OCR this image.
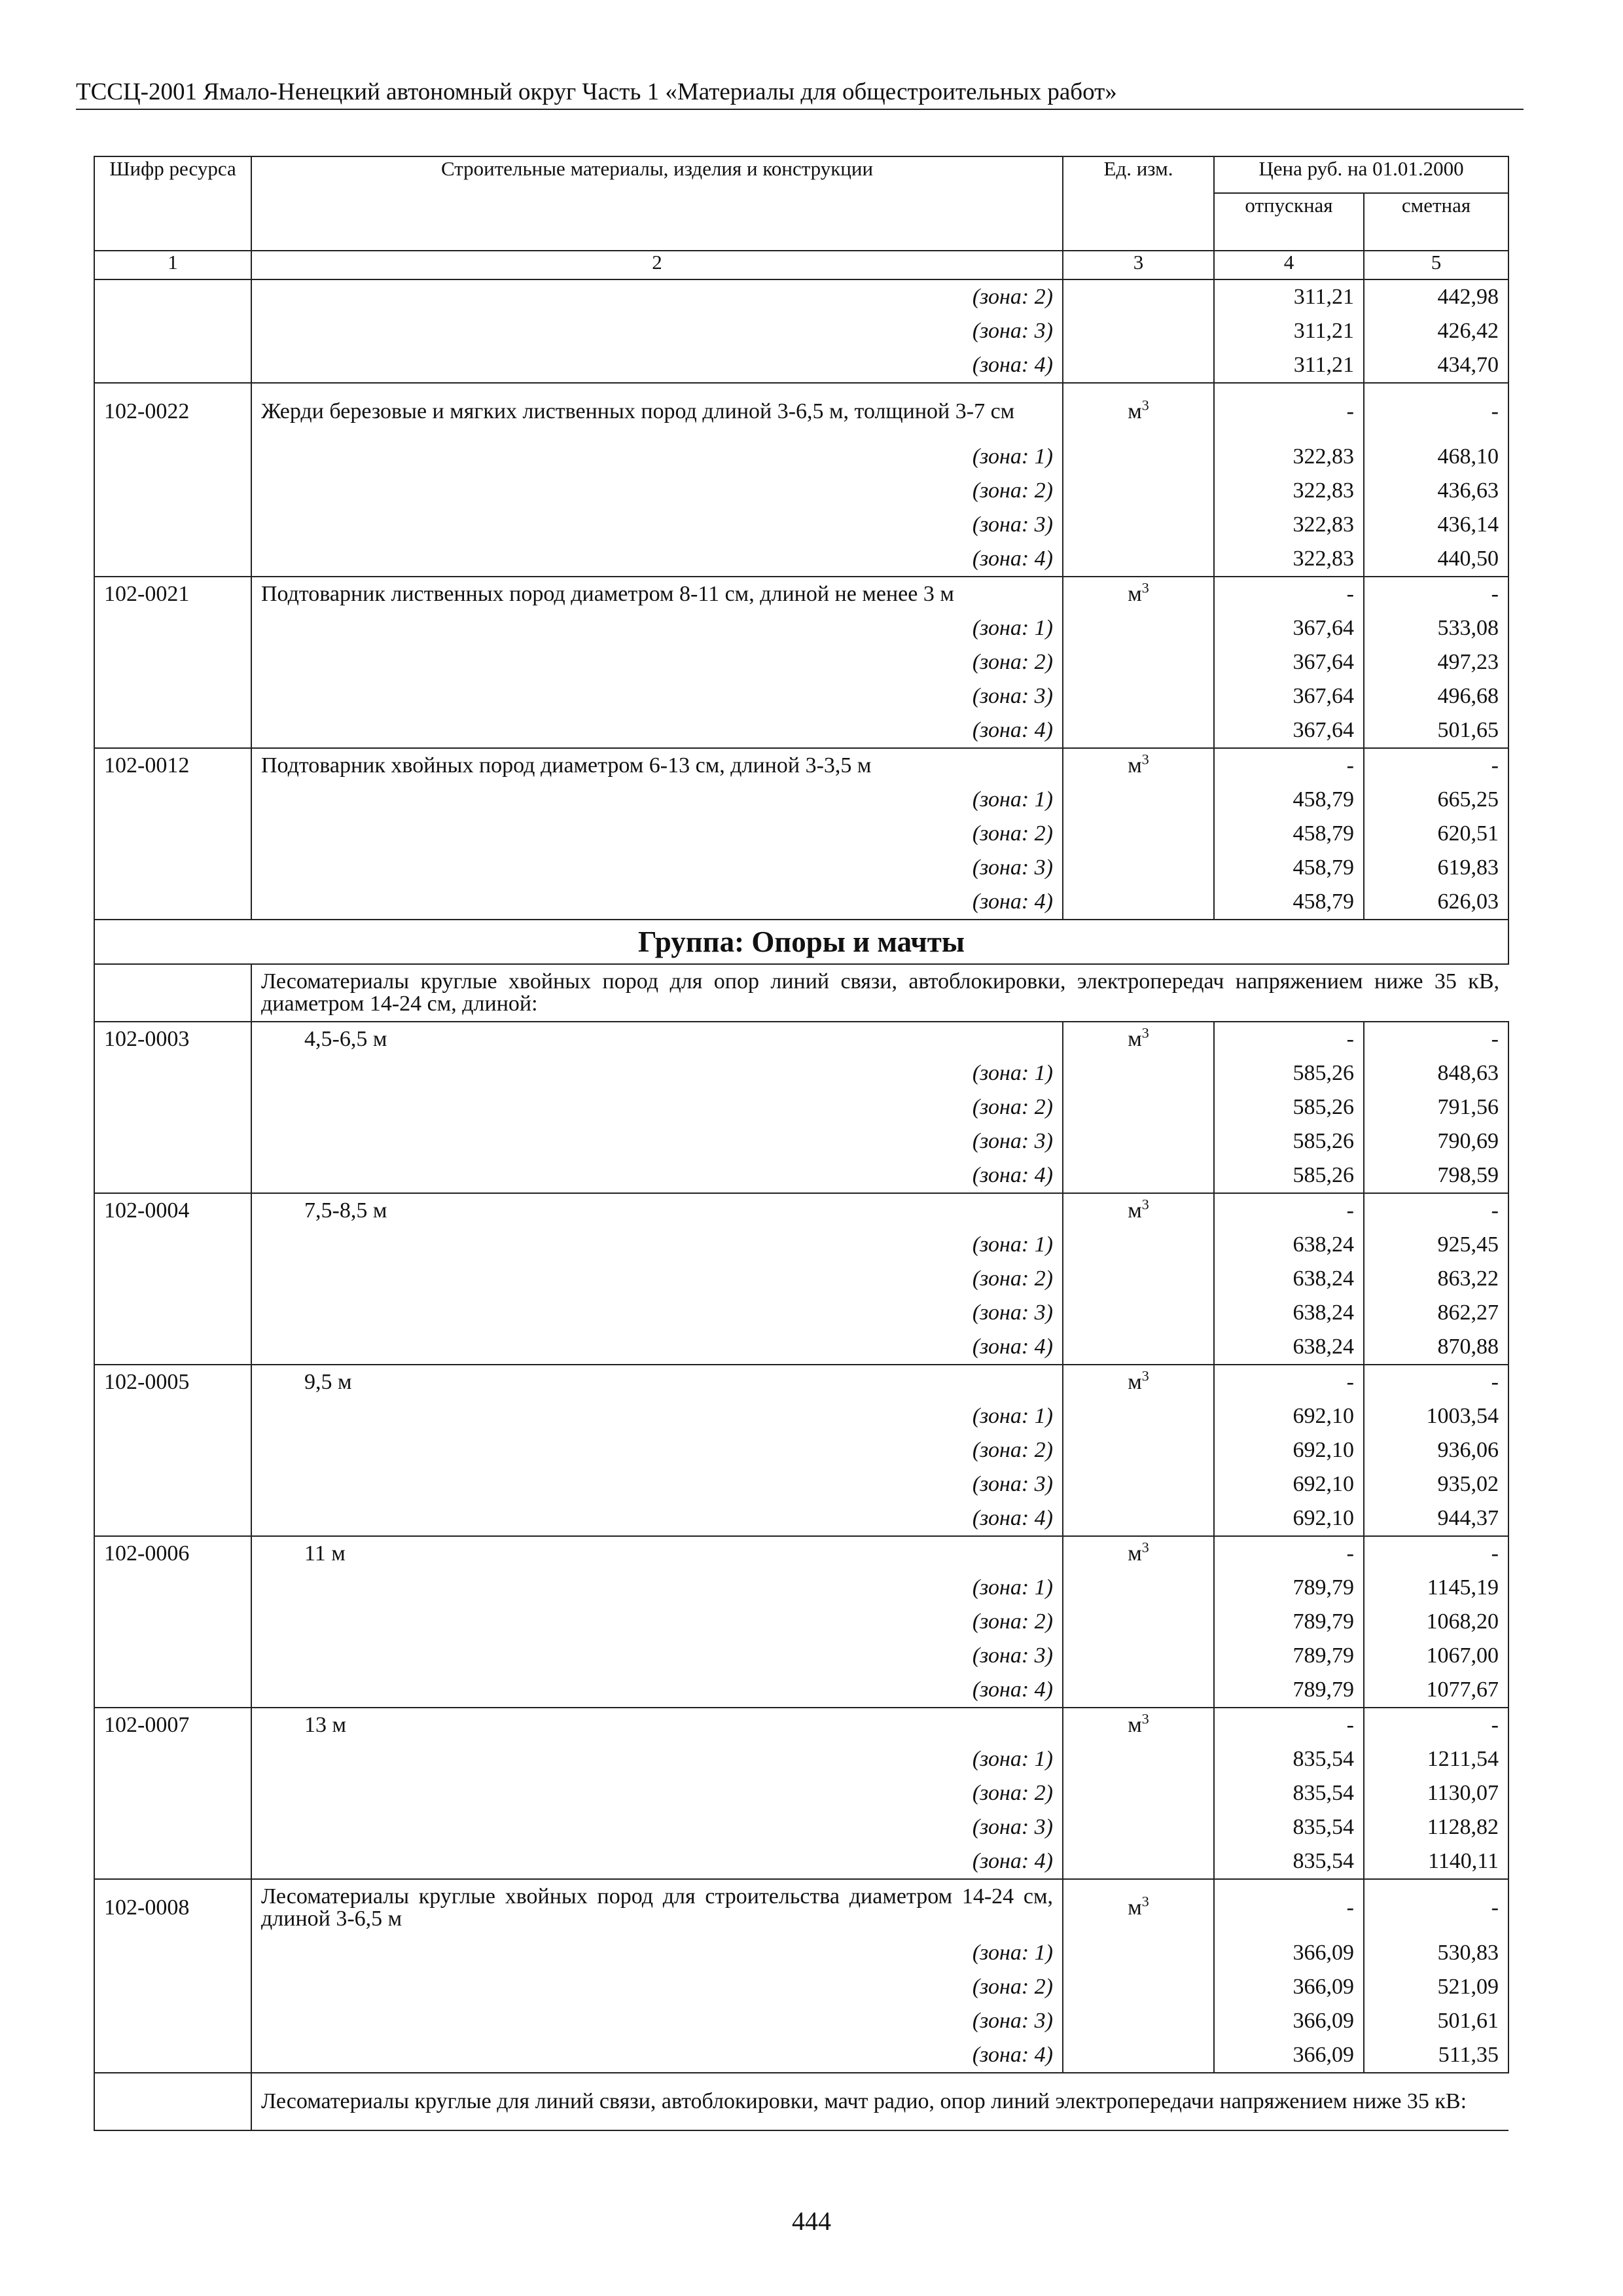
ТССЦ-2001 Ямало-Ненецкий автономный округ Часть 1 «Материалы для общестроительных работ»
Шифр ресурса	Строительные материалы, изделия и конструкции	Ед. изм.	Цена руб. на 01.01.2000	
			отпускная	сметная
1	2	3	4	5
	(зона: 2)		311,21	442,98
	(зона: 3)		311,21	426,42
	(зона: 4)		311,21	434,70
102-0022	Жерди березовые и мягких лиственных пород длиной 3-6,5 м, толщиной 3-7 см	$м^3$	-	-
	(зона: 1)		322,83	468,10
	(зона: 2)		322,83	436,63
	(зона: 3)		322,83	436,14
	(зона: 4)		322,83	440,50
102-0021	Подтоварник лиственных пород диаметром 8-11 см, длиной не менее 3 м	$м^3$	-	-
	(зона: 1)		367,64	533,08
	(зона: 2)		367,64	497,23
	(зона: 3)		367,64	496,68
	(зона: 4)		367,64	501,65
102-0012	Подтоварник хвойных пород диаметром 6-13 см, длиной 3-3,5 м	$м^3$	-	-
	(зона: 1)		458,79	665,25
	(зона: 2)		458,79	620,51
	(зона: 3)		458,79	619,83
	(зона: 4)		458,79	626,03
Группа: Опоры и мачты				
	Лесоматериалы круглые хвойных пород для опор линий связи, автоблокировки, электропередач напряжением ниже 35 кВ, диаметром 14-24 см, длиной:			
102-0003	4,5-6,5 м	$м^3$	-	-
	(зона: 1)		585,26	848,63
	(зона: 2)		585,26	791,56
	(зона: 3)		585,26	790,69
	(зона: 4)		585,26	798,59
102-0004	7,5-8,5 м	$м^3$	-	-
	(зона: 1)		638,24	925,45
	(зона: 2)		638,24	863,22
	(зона: 3)		638,24	862,27
	(зона: 4)		638,24	870,88
102-0005	9,5 м	$м^3$	-	-
	(зона: 1)		692,10	1003,54
	(зона: 2)		692,10	936,06
	(зона: 3)		692,10	935,02
	(зона: 4)		692,10	944,37
102-0006	11 м	$м^3$	-	-
	(зона: 1)		789,79	1145,19
	(зона: 2)		789,79	1068,20
	(зона: 3)		789,79	1067,00
	(зона: 4)		789,79	1077,67
102-0007	13 м	$м^3$	-	-
	(зона: 1)		835,54	1211,54
	(зона: 2)		835,54	1130,07
	(зона: 3)		835,54	1128,82
	(зона: 4)		835,54	1140,11
102-0008	Лесоматериалы круглые хвойных пород для строительства диаметром 14-24 см, длиной 3-6,5 м	$м^3$	-	-
	(зона: 1)		366,09	530,83
	(зона: 2)		366,09	521,09
	(зона: 3)		366,09	501,61
	(зона: 4)		366,09	511,35
	Лесоматериалы круглые для линий связи, автоблокировки, мачт радио, опор линий электропередачи напряжением ниже 35 кВ:			
444
